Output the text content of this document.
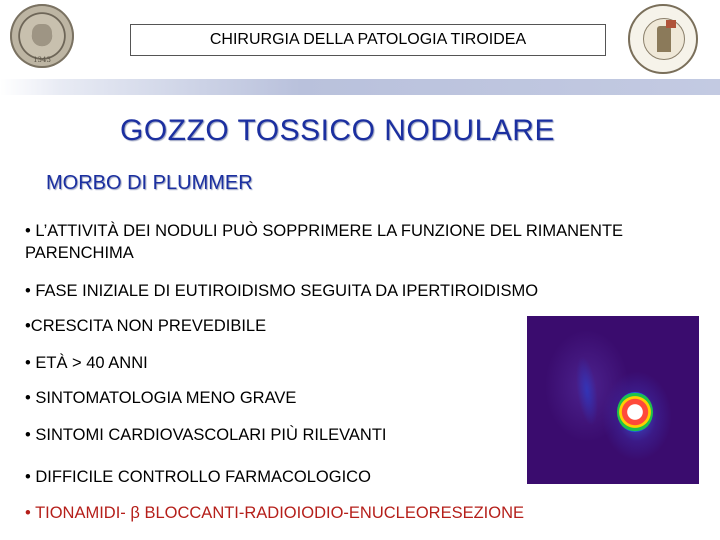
1343
CHIRURGIA DELLA PATOLOGIA TIROIDEA
GOZZO TOSSICO NODULARE
MORBO DI PLUMMER
• L’ATTIVITÀ DEI NODULI PUÒ SOPPRIMERE LA FUNZIONE DEL RIMANENTE PARENCHIMA
• FASE INIZIALE DI EUTIROIDISMO SEGUITA DA IPERTIROIDISMO
•CRESCITA NON PREVEDIBILE
• ETÀ > 40 ANNI
• SINTOMATOLOGIA MENO GRAVE
• SINTOMI CARDIOVASCOLARI PIÙ RILEVANTI
• DIFFICILE CONTROLLO FARMACOLOGICO
• TIONAMIDI- β BLOCCANTI-RADIOIODIO-ENUCLEORESEZIONE
